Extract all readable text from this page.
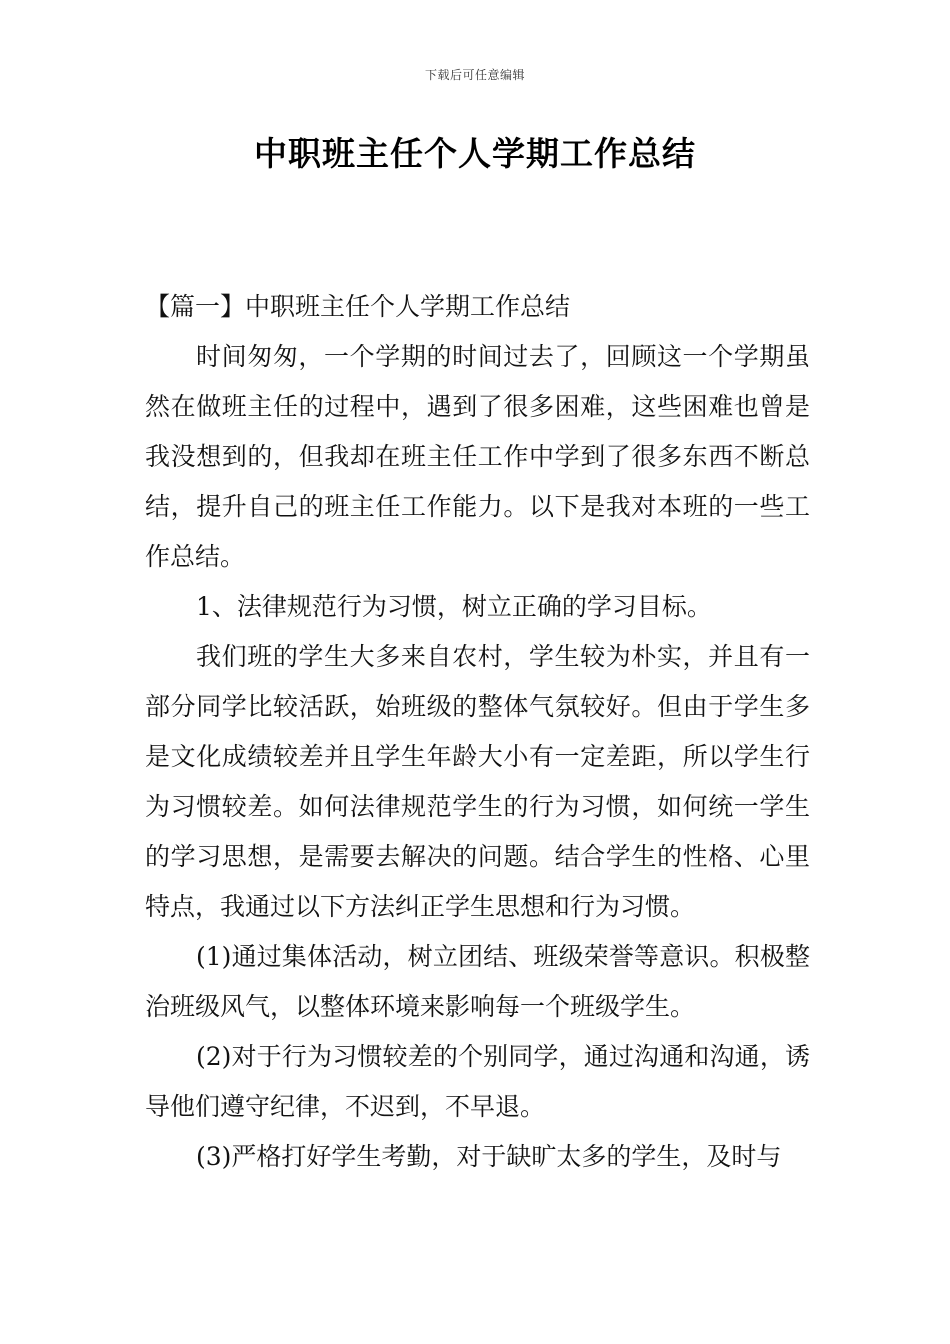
下载后可任意编辑
中职班主任个人学期工作总结

【篇一】中职班主任个人学期工作总结

时间匆匆，一个学期的时间过去了，回顾这一个学期虽然在做班主任的过程中，遇到了很多困难，这些困难也曾是我没想到的，但我却在班主任工作中学到了很多东西不断总结，提升自己的班主任工作能力。以下是我对本班的一些工作总结。

1、法律规范行为习惯，树立正确的学习目标。

我们班的学生大多来自农村，学生较为朴实，并且有一部分同学比较活跃，始班级的整体气氛较好。但由于学生多是文化成绩较差并且学生年龄大小有一定差距，所以学生行为习惯较差。如何法律规范学生的行为习惯，如何统一学生的学习思想，是需要去解决的问题。结合学生的性格、心里特点，我通过以下方法纠正学生思想和行为习惯。

(1)通过集体活动，树立团结、班级荣誉等意识。积极整治班级风气，以整体环境来影响每一个班级学生。

(2)对于行为习惯较差的个别同学，通过沟通和沟通，诱导他们遵守纪律，不迟到，不早退。

(3)严格打好学生考勤，对于缺旷太多的学生，及时与
